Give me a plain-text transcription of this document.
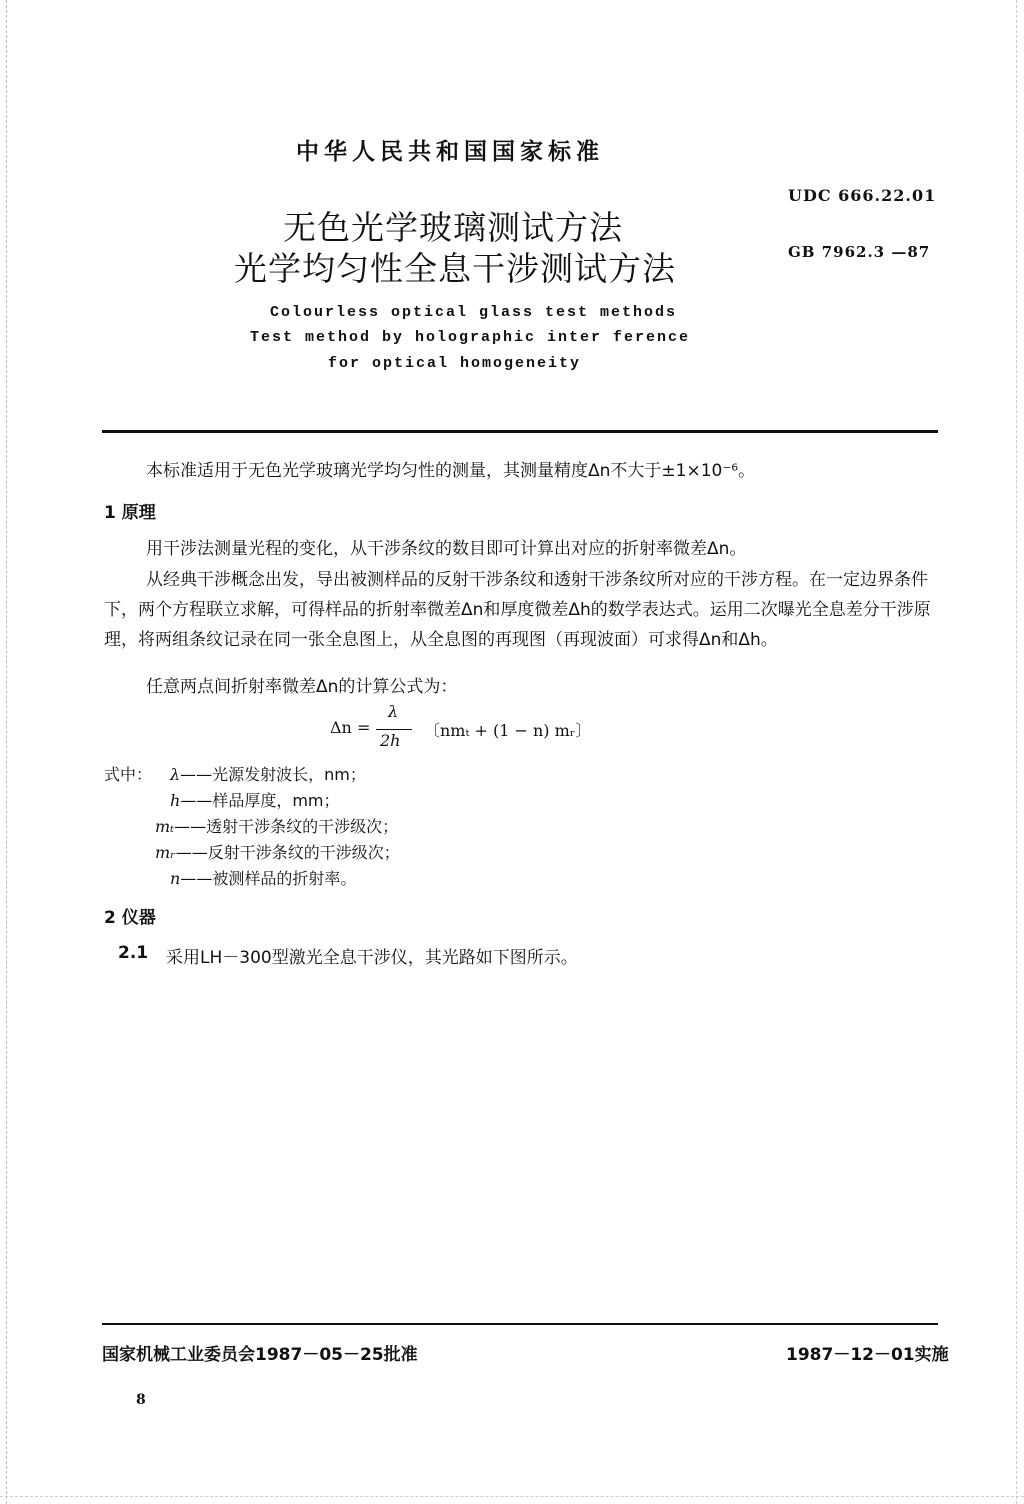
中华人民共和国国家标准
无色光学玻璃测试方法
光学均匀性全息干涉测试方法
UDC 666.22.01
GB 7962.3 —87
Colourless optical glass test methods
Test method by holographic inter ference
for optical homogeneity
本标准适用于无色光学玻璃光学均匀性的测量，其测量精度Δn不大于±1×10⁻⁶。
1 原理
用干涉法测量光程的变化，从干涉条纹的数目即可计算出对应的折射率微差Δn。
从经典干涉概念出发，导出被测样品的反射干涉条纹和透射干涉条纹所对应的干涉方程。在一定边界条件下，两个方程联立求解，可得样品的折射率微差Δn和厚度微差Δh的数学表达式。运用二次曝光全息差分干涉原理，将两组条纹记录在同一张全息图上，从全息图的再现图（再现波面）可求得Δn和Δh。
任意两点间折射率微差Δn的计算公式为：
Δn =
λ
2h
〔nmₜ + (1 − n) mᵣ〕
式中： λ——光源发射波长，nm；
h——样品厚度，mm；
mₜ——透射干涉条纹的干涉级次；
mᵣ——反射干涉条纹的干涉级次；
n——被测样品的折射率。
2 仪器
2.1 采用LH－300型激光全息干涉仪，其光路如下图所示。
国家机械工业委员会1987－05－25批准	1987－12－01实施
8
